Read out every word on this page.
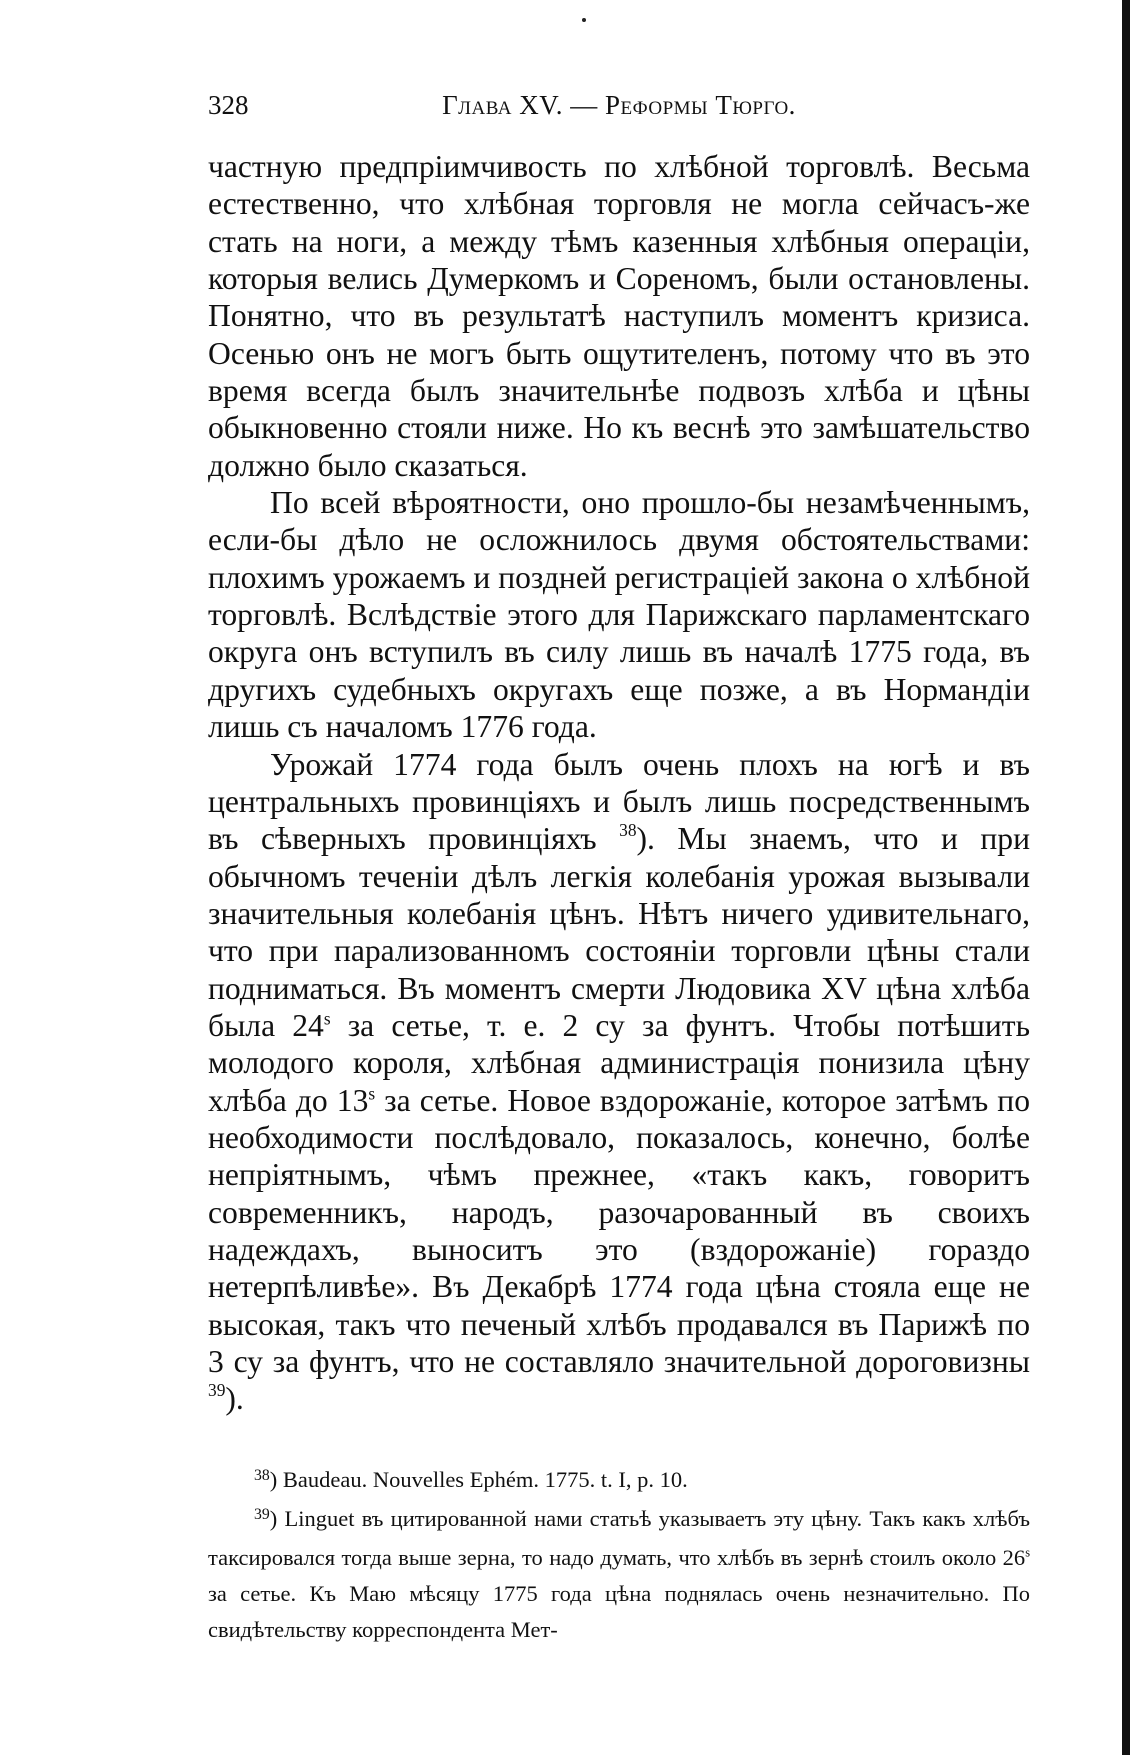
328	Глава XV. — Реформы Тюрго.

частную предпріимчивость по хлѣбной торговлѣ. Весьма естественно, что хлѣбная торговля не могла сейчасъ-же стать на ноги, а между тѣмъ казенныя хлѣбныя операціи, которыя велись Думеркомъ и Сореномъ, были остановлены. Понятно, что въ результатѣ наступилъ моментъ кризиса. Осенью онъ не могъ быть ощутителенъ, потому что въ это время всегда былъ значительнѣе подвозъ хлѣба и цѣны обыкновенно стояли ниже. Но къ веснѣ это замѣшательство должно было сказаться.

По всей вѣроятности, оно прошло-бы незамѣченнымъ, если-бы дѣло не осложнилось двумя обстоятельствами: плохимъ урожаемъ и поздней регистраціей закона о хлѣбной торговлѣ. Вслѣдствіе этого для Парижскаго парламентскаго округа онъ вступилъ въ силу лишь въ началѣ 1775 года, въ другихъ судебныхъ округахъ еще позже, а въ Нормандіи лишь съ началомъ 1776 года.

Урожай 1774 года былъ очень плохъ на югѣ и въ центральныхъ провинціяхъ и былъ лишь посредственнымъ въ сѣверныхъ провинціяхъ $^{38}$). Мы знаемъ, что и при обычномъ теченіи дѣлъ легкія колебанія урожая вызывали значительныя колебанія цѣнъ. Нѣтъ ничего удивительнаго, что при парализованномъ состояніи торговли цѣны стали подниматься. Въ моментъ смерти Людовика XV цѣна хлѣба была 24$^s$ за сетье, т. е. 2 су за фунтъ. Чтобы потѣшить молодого короля, хлѣбная администрація понизила цѣну хлѣба до 13$^s$ за сетье. Новое вздорожаніе, которое затѣмъ по необходимости послѣдовало, показалось, конечно, болѣе непріятнымъ, чѣмъ прежнее, «такъ какъ, говоритъ современникъ, народъ, разочарованный въ своихъ надеждахъ, выноситъ это (вздорожаніе) гораздо нетерпѣливѣе». Въ Декабрѣ 1774 года цѣна стояла еще не высокая, такъ что печеный хлѣбъ продавался въ Парижѣ по 3 су за фунтъ, что не составляло значительной дороговизны $^{39}$).

$^{38}$) Baudeau. Nouvelles Ephém. 1775. t. I, p. 10.

$^{39}$) Linguet въ цитированной нами статьѣ указываетъ эту цѣну. Такъ какъ хлѣбъ таксировался тогда выше зерна, то надо думать, что хлѣбъ въ зернѣ стоилъ около 26$^s$ за сетье. Къ Маю мѣсяцу 1775 года цѣна поднялась очень незначительно. По свидѣтельству корреспондента Мет-
